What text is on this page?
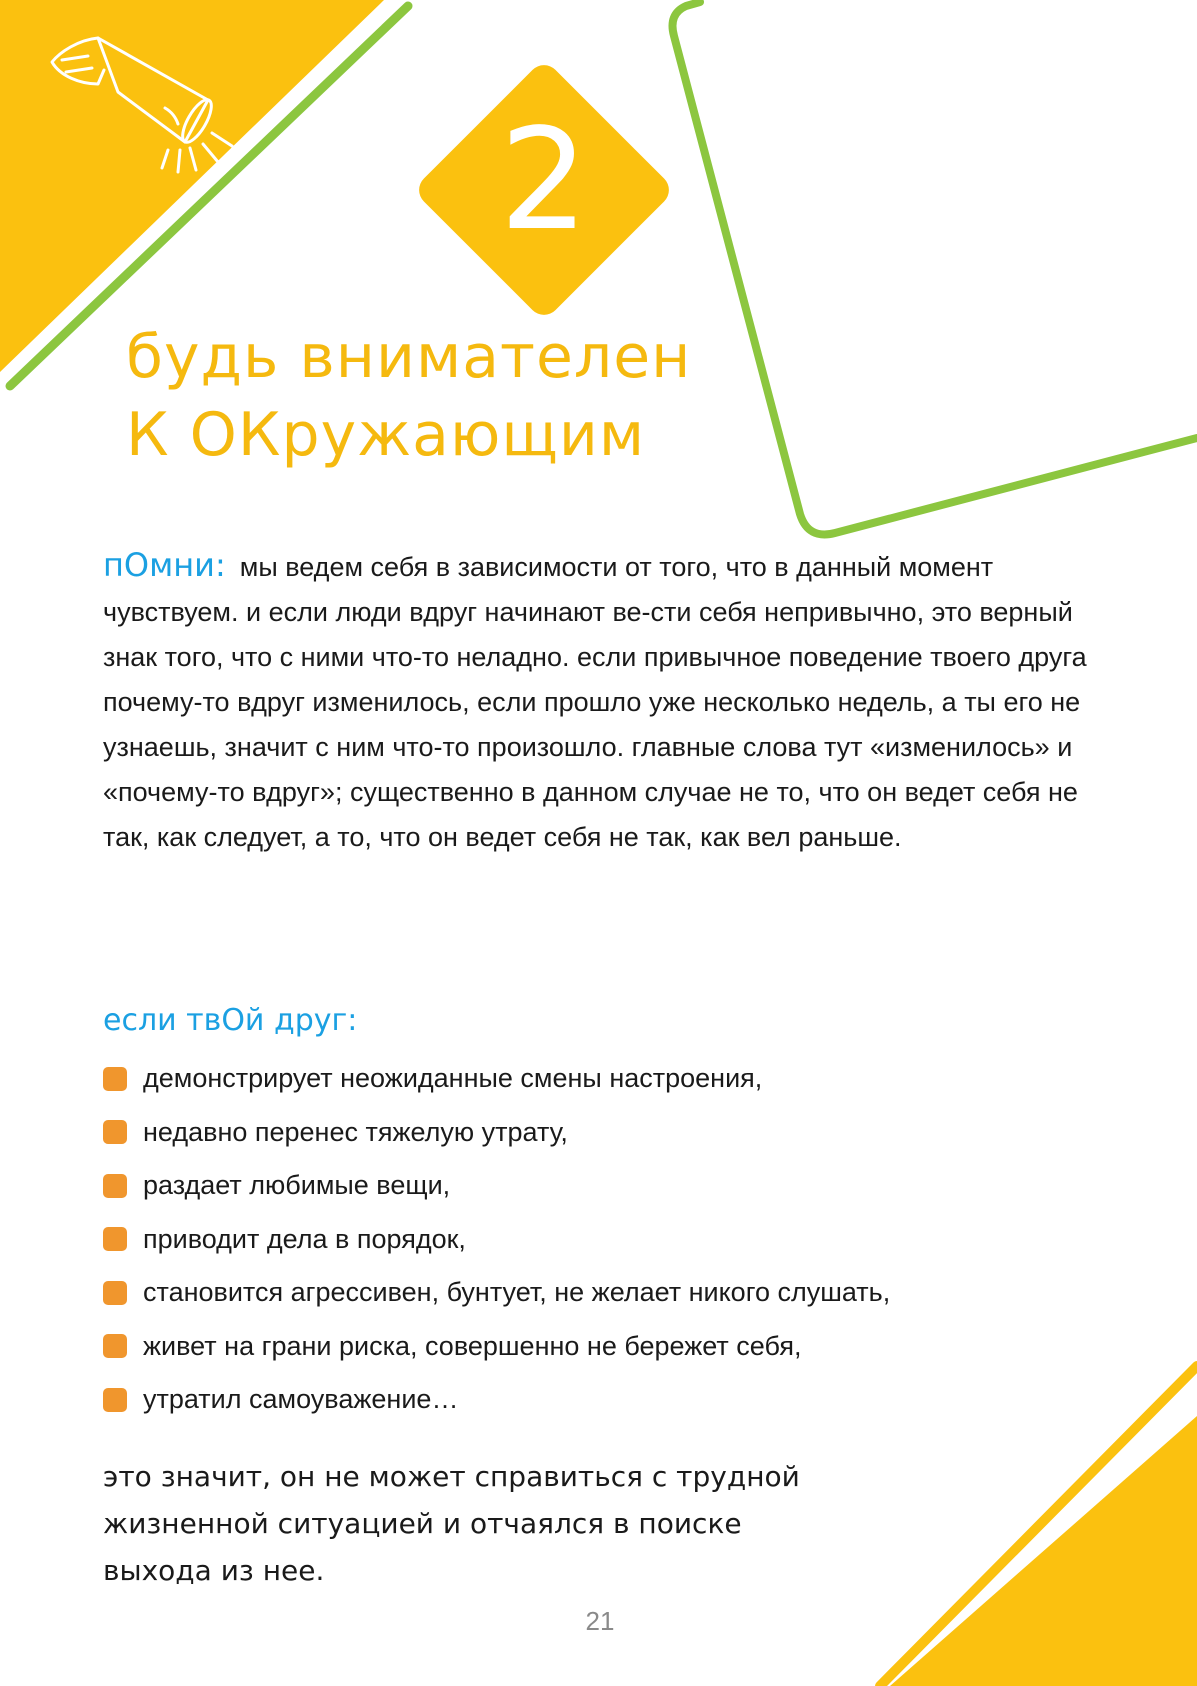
2
будь внимателен
К ОКружающим
пОмни: мы ведем себя в зависимости от того, что в данный момент чувствуем. и если люди вдруг начинают ве-сти себя непривычно, это верный знак того, что с ними что-то неладно. если привычное поведение твоего друга почему-то вдруг изменилось, если прошло уже несколько недель, а ты его не узнаешь, значит с ним что-то произошло. главные слова тут «изменилось» и «почему-то вдруг»; существенно в данном случае не то, что он ведет себя не так, как следует, а то, что он ведет себя не так, как вел раньше.
если твОй друг:
демонстрирует неожиданные смены настроения,
недавно перенес тяжелую утрату,
раздает любимые вещи,
приводит дела в порядок,
становится агрессивен, бунтует, не желает никого слушать,
живет на грани риска, совершенно не бережет себя,
утратил самоуважение…
это значит, он не может справиться с трудной
жизненной ситуацией и отчаялся в поиске
выхода из нее.
21
